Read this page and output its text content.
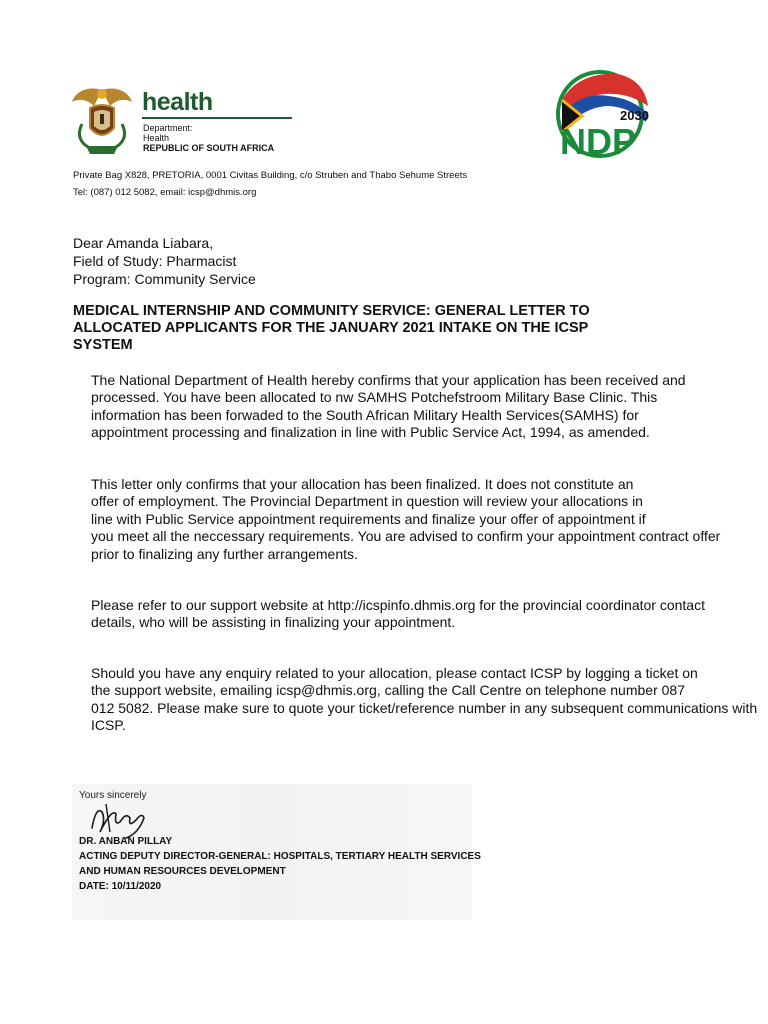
health
Department:
Health
REPUBLIC OF SOUTH AFRICA
2030
NDP
Private Bag X828, PRETORIA, 0001 Civitas Building, c/o Struben and Thabo Sehume Streets
Tel: (087) 012 5082, email: icsp@dhmis.org
Dear Amanda Liabara,
Field of Study: Pharmacist
Program: Community Service
MEDICAL INTERNSHIP AND COMMUNITY SERVICE: GENERAL LETTER TO
ALLOCATED APPLICANTS FOR THE JANUARY 2021 INTAKE ON THE ICSP
SYSTEM
The National Department of Health hereby confirms that your application has been received and
processed. You have been allocated to nw SAMHS Potchefstroom Military Base Clinic. This
information has been forwaded to the South African Military Health Services(SAMHS) for
appointment processing and finalization in line with Public Service Act, 1994, as amended.
This letter only confirms that your allocation has been finalized. It does not constitute an
offer of employment. The Provincial Department in question will review your allocations in
line with Public Service appointment requirements and finalize your offer of appointment if
you meet all the neccessary requirements. You are advised to confirm your appointment contract offer
prior to finalizing any further arrangements.
Please refer to our support website at http://icspinfo.dhmis.org for the provincial coordinator contact
details, who will be assisting in finalizing your appointment.
Should you have any enquiry related to your allocation, please contact ICSP by logging a ticket on
the support website, emailing icsp@dhmis.org, calling the Call Centre on telephone number 087
012 5082. Please make sure to quote your ticket/reference number in any subsequent communications with
ICSP.
Yours sincerely
DR. ANBAN PILLAY
ACTING DEPUTY DIRECTOR-GENERAL: HOSPITALS, TERTIARY HEALTH SERVICES
AND HUMAN RESOURCES DEVELOPMENT
DATE: 10/11/2020
